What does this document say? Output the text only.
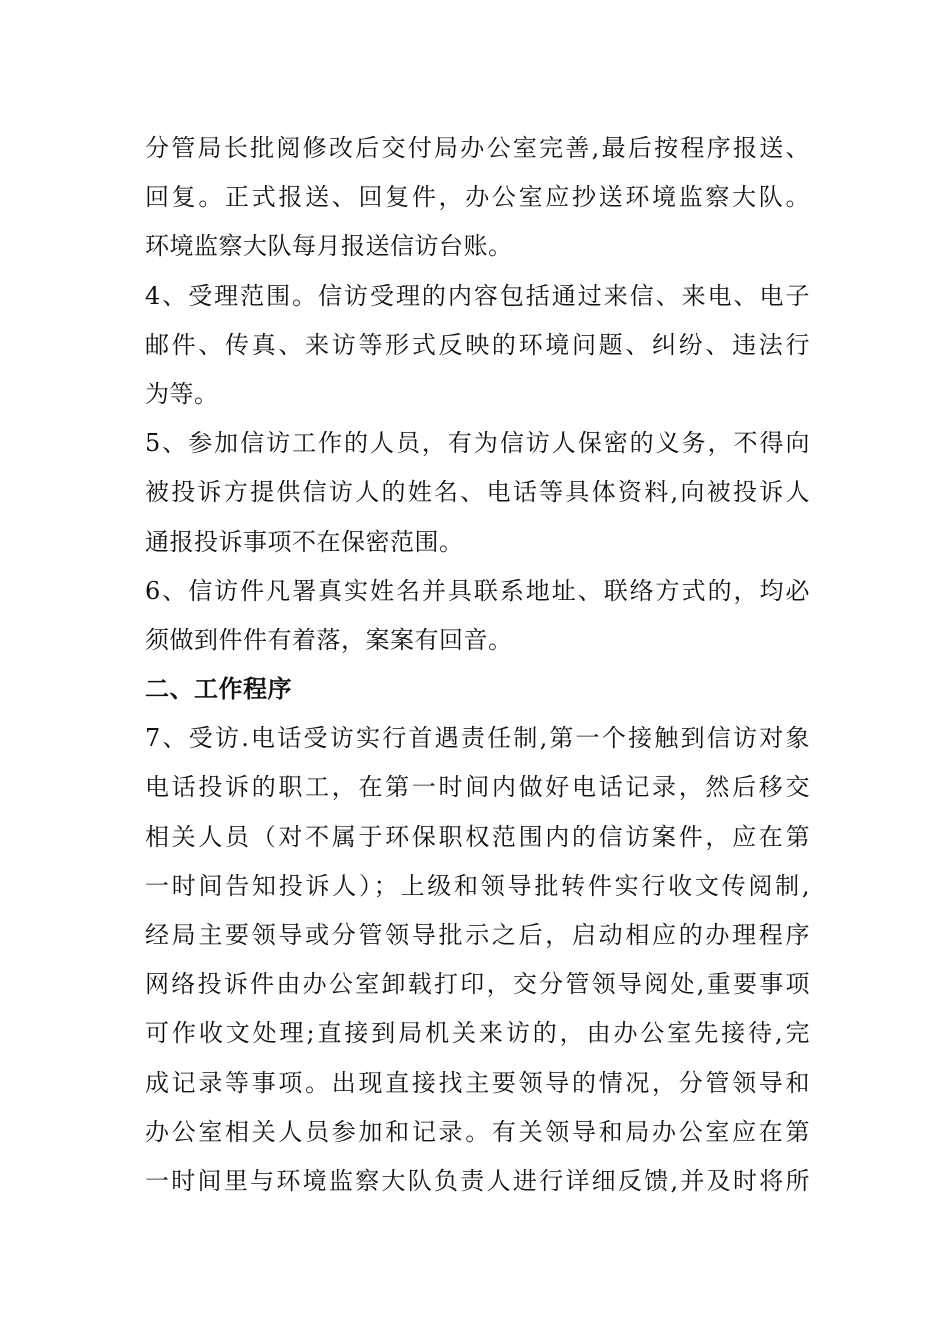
分管局长批阅修改后交付局办公室完善,最后按程序报送、
回复。正式报送、回复件，办公室应抄送环境监察大队。
环境监察大队每月报送信访台账。
4、受理范围。信访受理的内容包括通过来信、来电、电子
邮件、传真、来访等形式反映的环境问题、纠纷、违法行
为等。
5、参加信访工作的人员，有为信访人保密的义务，不得向
被投诉方提供信访人的姓名、电话等具体资料,向被投诉人
通报投诉事项不在保密范围。
6、信访件凡署真实姓名并具联系地址、联络方式的，均必
须做到件件有着落，案案有回音。
二、工作程序
7、受访.电话受访实行首遇责任制,第一个接触到信访对象
电话投诉的职工，在第一时间内做好电话记录，然后移交
相关人员（对不属于环保职权范围内的信访案件，应在第
一时间告知投诉人）；上级和领导批转件实行收文传阅制,
经局主要领导或分管领导批示之后，启动相应的办理程序
网络投诉件由办公室卸载打印，交分管领导阅处,重要事项
可作收文处理;直接到局机关来访的，由办公室先接待,完
成记录等事项。出现直接找主要领导的情况，分管领导和
办公室相关人员参加和记录。有关领导和局办公室应在第
一时间里与环境监察大队负责人进行详细反馈,并及时将所
